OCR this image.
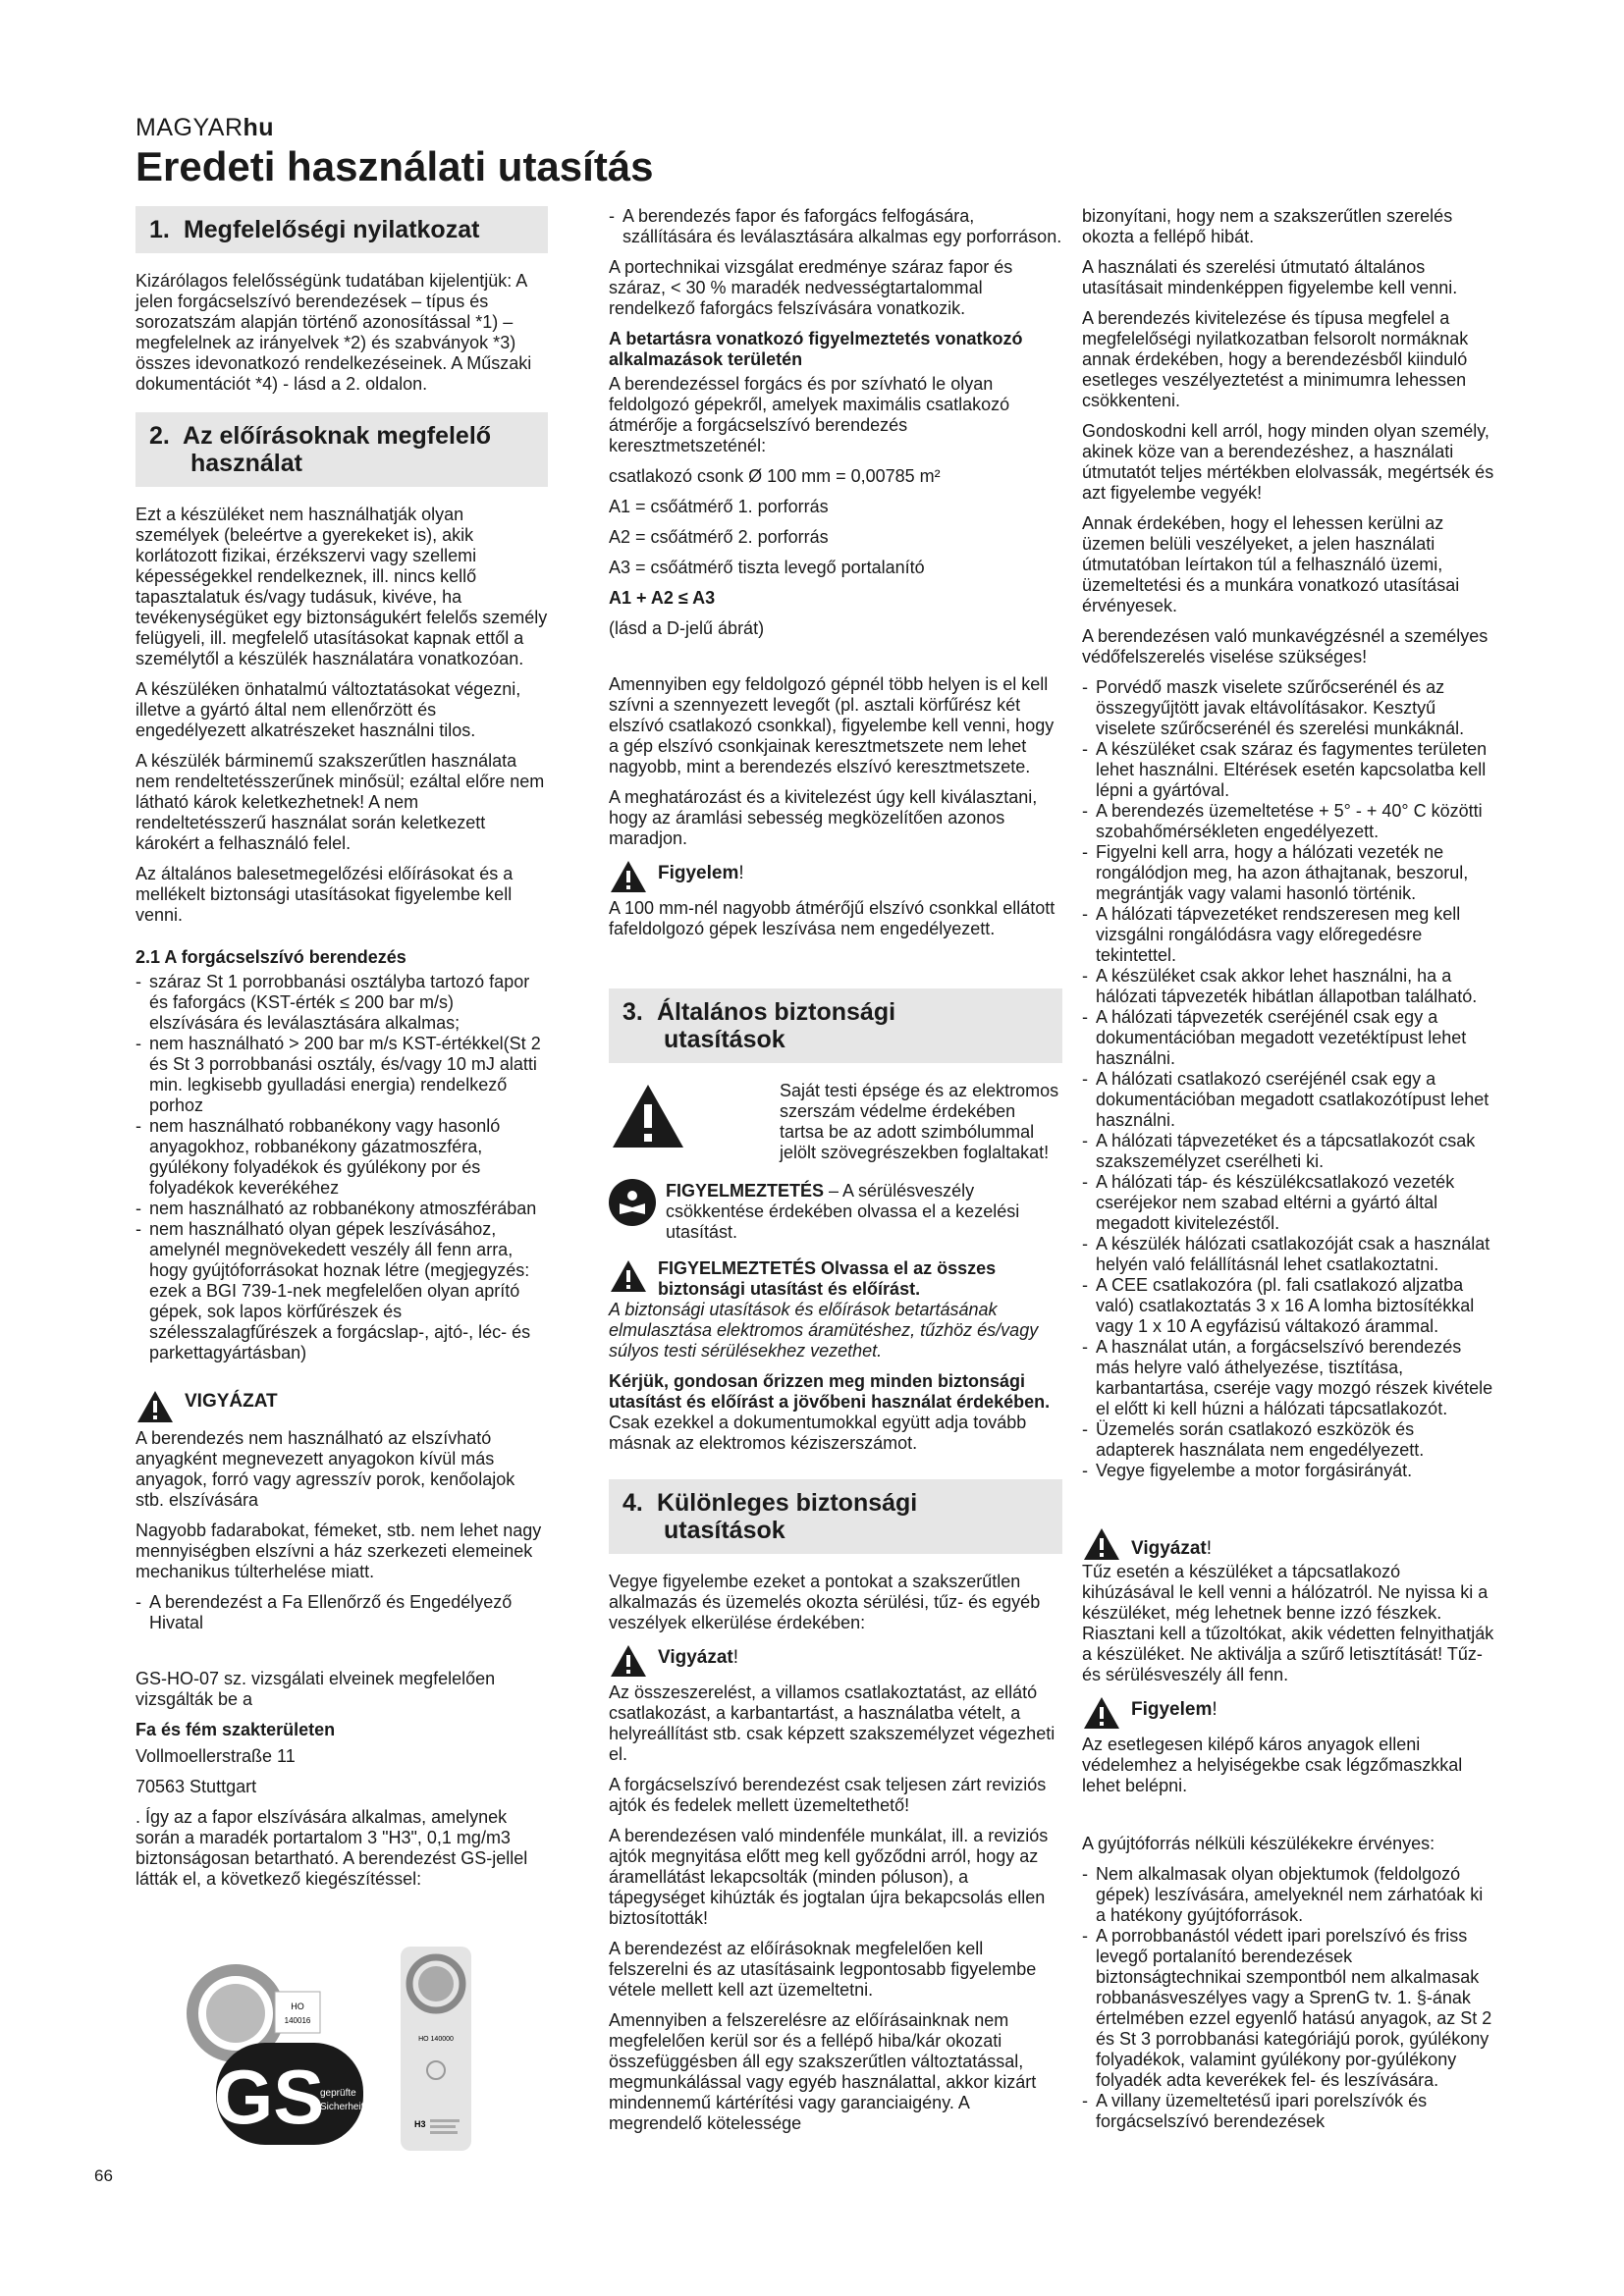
MAGYARhu
Eredeti használati utasítás
1. Megfelelőségi nyilatkozat

Kizárólagos felelősségünk tudatában kijelentjük: A jelen forgácselszívó berendezések – típus és sorozatszám alapján történő azonosítással *1) – megfelelnek az irányelvek *2) és szabványok *3) összes idevonatkozó rendelkezéseinek. A Műszaki dokumentációt *4) - lásd a 2. oldalon.

2. Az előírásoknak megfelelő
használat

Ezt a készüléket nem használhatják olyan személyek (beleértve a gyerekeket is), akik korlátozott fizikai, érzékszervi vagy szellemi képességekkel rendelkeznek, ill. nincs kellő tapasztalatuk és/vagy tudásuk, kivéve, ha tevékenységüket egy biztonságukért felelős személy felügyeli, ill. megfelelő utasításokat kapnak ettől a személytől a készülék használatára vonatkozóan.

A készüléken önhatalmú változtatásokat végezni, illetve a gyártó által nem ellenőrzött és engedélyezett alkatrészeket használni tilos.

A készülék bárminemű szakszerűtlen használata nem rendeltetésszerűnek minősül; ezáltal előre nem látható károk keletkezhetnek! A nem rendeltetésszerű használat során keletkezett károkért a felhasználó felel.

Az általános balesetmegelőzési előírásokat és a mellékelt biztonsági utasításokat figyelembe kell venni.

2.1 A forgácselszívó berendezés
- száraz St 1 porrobbanási osztályba tartozó fapor és faforgács (KST-érték ≤ 200 bar m/s) elszívására és leválasztására alkalmas;
- nem használható > 200 bar m/s KST-értékkel(St 2 és St 3 porrobbanási osztály, és/vagy 10 mJ alatti min. legkisebb gyulladási energia) rendelkező porhoz
- nem használható robbanékony vagy hasonló anyagokhoz, robbanékony gázatmoszféra, gyúlékony folyadékok és gyúlékony por és folyadékok keverékéhez
- nem használható az robbanékony atmoszférában
- nem használható olyan gépek leszívásához, amelynél megnövekedett veszély áll fenn arra, hogy gyújtóforrásokat hoznak létre (megjegyzés: ezek a BGI 739-1-nek megfelelően olyan aprító gépek, sok lapos körfűrészek és szélesszalagfűrészek a forgácslap-, ajtó-, léc- és parkettagyártásban)
VIGYÁZAT

A berendezés nem használható az elszívható anyagként megnevezett anyagokon kívül más anyagok, forró vagy agresszív porok, kenőolajok stb. elszívására

Nagyobb fadarabokat, fémeket, stb. nem lehet nagy mennyiségben elszívni a ház szerkezeti elemeinek mechanikus túlterhelése miatt.

- A berendezést a Fa Ellenőrző és Engedélyező Hivatal

GS-HO-07 sz. vizsgálati elveinek megfelelően vizsgálták be a

Fa és fém szakterületen

Vollmoellerstraße 11

70563 Stuttgart

. Így az a fapor elszívására alkalmas, amelynek során a maradék portartalom 3 "H3", 0,1 mg/m3 biztonságosan betartható. A berendezést GS-jellel látták el, a következő kiegészítéssel:

HO
140016
GS
geprüfte
Sicherheit
HO 140000
H3
- A berendezés fapor és faforgács felfogására, szállítására és leválasztására alkalmas egy porforráson.

A portechnikai vizsgálat eredménye száraz fapor és száraz, < 30 % maradék nedvességtartalommal rendelkező faforgács felszívására vonatkozik.

A betartásra vonatkozó figyelmeztetés vonatkozó alkalmazások területén

A berendezéssel forgács és por szívható le olyan feldolgozó gépekről, amelyek maximális csatlakozó átmérője a forgácselszívó berendezés keresztmetszeténél:

csatlakozó csonk Ø 100 mm = 0,00785 m²

A1 = csőátmérő 1. porforrás

A2 = csőátmérő 2. porforrás

A3 = csőátmérő tiszta levegő portalanító

A1 + A2 ≤ A3

(lásd a D-jelű ábrát)

Amennyiben egy feldolgozó gépnél több helyen is el kell szívni a szennyezett levegőt (pl. asztali körfűrész két elszívó csatlakozó csonkkal), figyelembe kell venni, hogy a gép elszívó csonkjainak keresztmetszete nem lehet nagyobb, mint a berendezés elszívó keresztmetszete.

A meghatározást és a kivitelezést úgy kell kiválasztani, hogy az áramlási sebesség megközelítően azonos maradjon.

Figyelem!

A 100 mm-nél nagyobb átmérőjű elszívó csonkkal ellátott fafeldolgozó gépek leszívása nem engedélyezett.

3. Általános biztonsági
utasítások

Saját testi épsége és az elektromos szerszám védelme érdekében tartsa be az adott szimbólummal jelölt szövegrészekben foglaltakat!

FIGYELMEZTETÉS – A sérülésveszély csökkentése érdekében olvassa el a kezelési utasítást.

FIGYELMEZTETÉS Olvassa el az összes biztonsági utasítást és előírást.

A biztonsági utasítások és előírások betartásának elmulasztása elektromos áramütéshez, tűzhöz és/vagy súlyos testi sérülésekhez vezethet.

Kérjük, gondosan őrizzen meg minden biztonsági utasítást és előírást a jövőbeni használat érdekében.

Csak ezekkel a dokumentumokkal együtt adja tovább másnak az elektromos kéziszerszámot.

4. Különleges biztonsági
utasítások

Vegye figyelembe ezeket a pontokat a szakszerűtlen alkalmazás és üzemelés okozta sérülési, tűz- és egyéb veszélyek elkerülése érdekében:

Vigyázat!

Az összeszerelést, a villamos csatlakoztatást, az ellátó csatlakozást, a karbantartást, a használatba vételt, a helyreállítást stb. csak képzett szakszemélyzet végezheti el.

A forgácselszívó berendezést csak teljesen zárt reviziós ajtók és fedelek mellett üzemeltethető!

A berendezésen való mindenféle munkálat, ill. a reviziós ajtók megnyitása előtt meg kell győződni arról, hogy az áramellátást lekapcsolták (minden póluson), a tápegységet kihúzták és jogtalan újra bekapcsolás ellen biztosították!

A berendezést az előírásoknak megfelelően kell felszerelni és az utasításaink legpontosabb figyelembe vétele mellett kell azt üzemeltetni.

Amennyiben a felszerelésre az előírásainknak nem megfelelően kerül sor és a fellépő hiba/kár okozati összefüggésben áll egy szakszerűtlen változtatással, megmunkálással vagy egyéb használattal, akkor kizárt mindennemű kártérítési vagy garanciaigény. A megrendelő kötelessége

bizonyítani, hogy nem a szakszerűtlen szerelés okozta a fellépő hibát.

A használati és szerelési útmutató általános utasításait mindenképpen figyelembe kell venni.

A berendezés kivitelezése és típusa megfelel a megfelelőségi nyilatkozatban felsorolt normáknak annak érdekében, hogy a berendezésből kiinduló esetleges veszélyeztetést a minimumra lehessen csökkenteni.

Gondoskodni kell arról, hogy minden olyan személy, akinek köze van a berendezéshez, a használati útmutatót teljes mértékben elolvassák, megértsék és azt figyelembe vegyék!

Annak érdekében, hogy el lehessen kerülni az üzemen belüli veszélyeket, a jelen használati útmutatóban leírtakon túl a felhasználó üzemi, üzemeltetési és a munkára vonatkozó utasításai érvényesek.

A berendezésen való munkavégzésnél a személyes védőfelszerelés viselése szükséges!

- Porvédő maszk viselete szűrőcserénél és az összegyűjtött javak eltávolításakor. Kesztyű viselete szűrőcserénél és szerelési munkáknál.
- A készüléket csak száraz és fagymentes területen lehet használni. Eltérések esetén kapcsolatba kell lépni a gyártóval.
- A berendezés üzemeltetése + 5° - + 40° C közötti szobahőmérsékleten engedélyezett.
- Figyelni kell arra, hogy a hálózati vezeték ne rongálódjon meg, ha azon áthajtanak, beszorul, megrántják vagy valami hasonló történik.
- A hálózati tápvezetéket rendszeresen meg kell vizsgálni rongálódásra vagy előregedésre tekintettel.
- A készüléket csak akkor lehet használni, ha a hálózati tápvezeték hibátlan állapotban található.
- A hálózati tápvezeték cseréjénél csak egy a dokumentációban megadott vezetéktípust lehet használni.
- A hálózati csatlakozó cseréjénél csak egy a dokumentációban megadott csatlakozótípust lehet használni.
- A hálózati tápvezetéket és a tápcsatlakozót csak szakszemélyzet cserélheti ki.
- A hálózati táp- és készülékcsatlakozó vezeték cseréjekor nem szabad eltérni a gyártó által megadott kivitelezéstől.
- A készülék hálózati csatlakozóját csak a használat helyén való felállításnál lehet csatlakoztatni.
- A CEE csatlakozóra (pl. fali csatlakozó aljzatba való) csatlakoztatás 3 x 16 A lomha biztosítékkal vagy 1 x 10 A egyfázisú váltakozó árammal.
- A használat után, a forgácselszívó berendezés más helyre való áthelyezése, tisztítása, karbantartása, cseréje vagy mozgó részek kivétele el előtt ki kell húzni a hálózati tápcsatlakozót.
- Üzemelés során csatlakozó eszközök és adapterek használata nem engedélyezett.
- Vegye figyelembe a motor forgásirányát.
Vigyázat!

Tűz esetén a készüléket a tápcsatlakozó kihúzásával le kell venni a hálózatról. Ne nyissa ki a készüléket, még lehetnek benne izzó fészkek. Riasztani kell a tűzoltókat, akik védetten felnyithatják a készüléket. Ne aktiválja a szűrő letisztítását! Tűz- és sérülésveszély áll fenn.

Figyelem!

Az esetlegesen kilépő káros anyagok elleni védelemhez a helyiségekbe csak légzőmaszkkal lehet belépni.

A gyújtóforrás nélküli készülékekre érvényes:

- Nem alkalmasak olyan objektumok (feldolgozó gépek) leszívására, amelyeknél nem zárhatóak ki a hatékony gyújtóforrások.
- A porrobbanástól védett ipari porelszívó és friss levegő portalanító berendezések biztonságtechnikai szempontból nem alkalmasak robbanásveszélyes vagy a SprenG tv. 1. §-ának értelmében ezzel egyenlő hatású anyagok, az St 2 és St 3 porrobbanási kategóriájú porok, gyúlékony folyadékok, valamint gyúlékony por-gyúlékony folyadék adta keverékek fel- és leszívására.
- A villany üzemeltetésű ipari porelszívók és forgácselszívó berendezések
66
